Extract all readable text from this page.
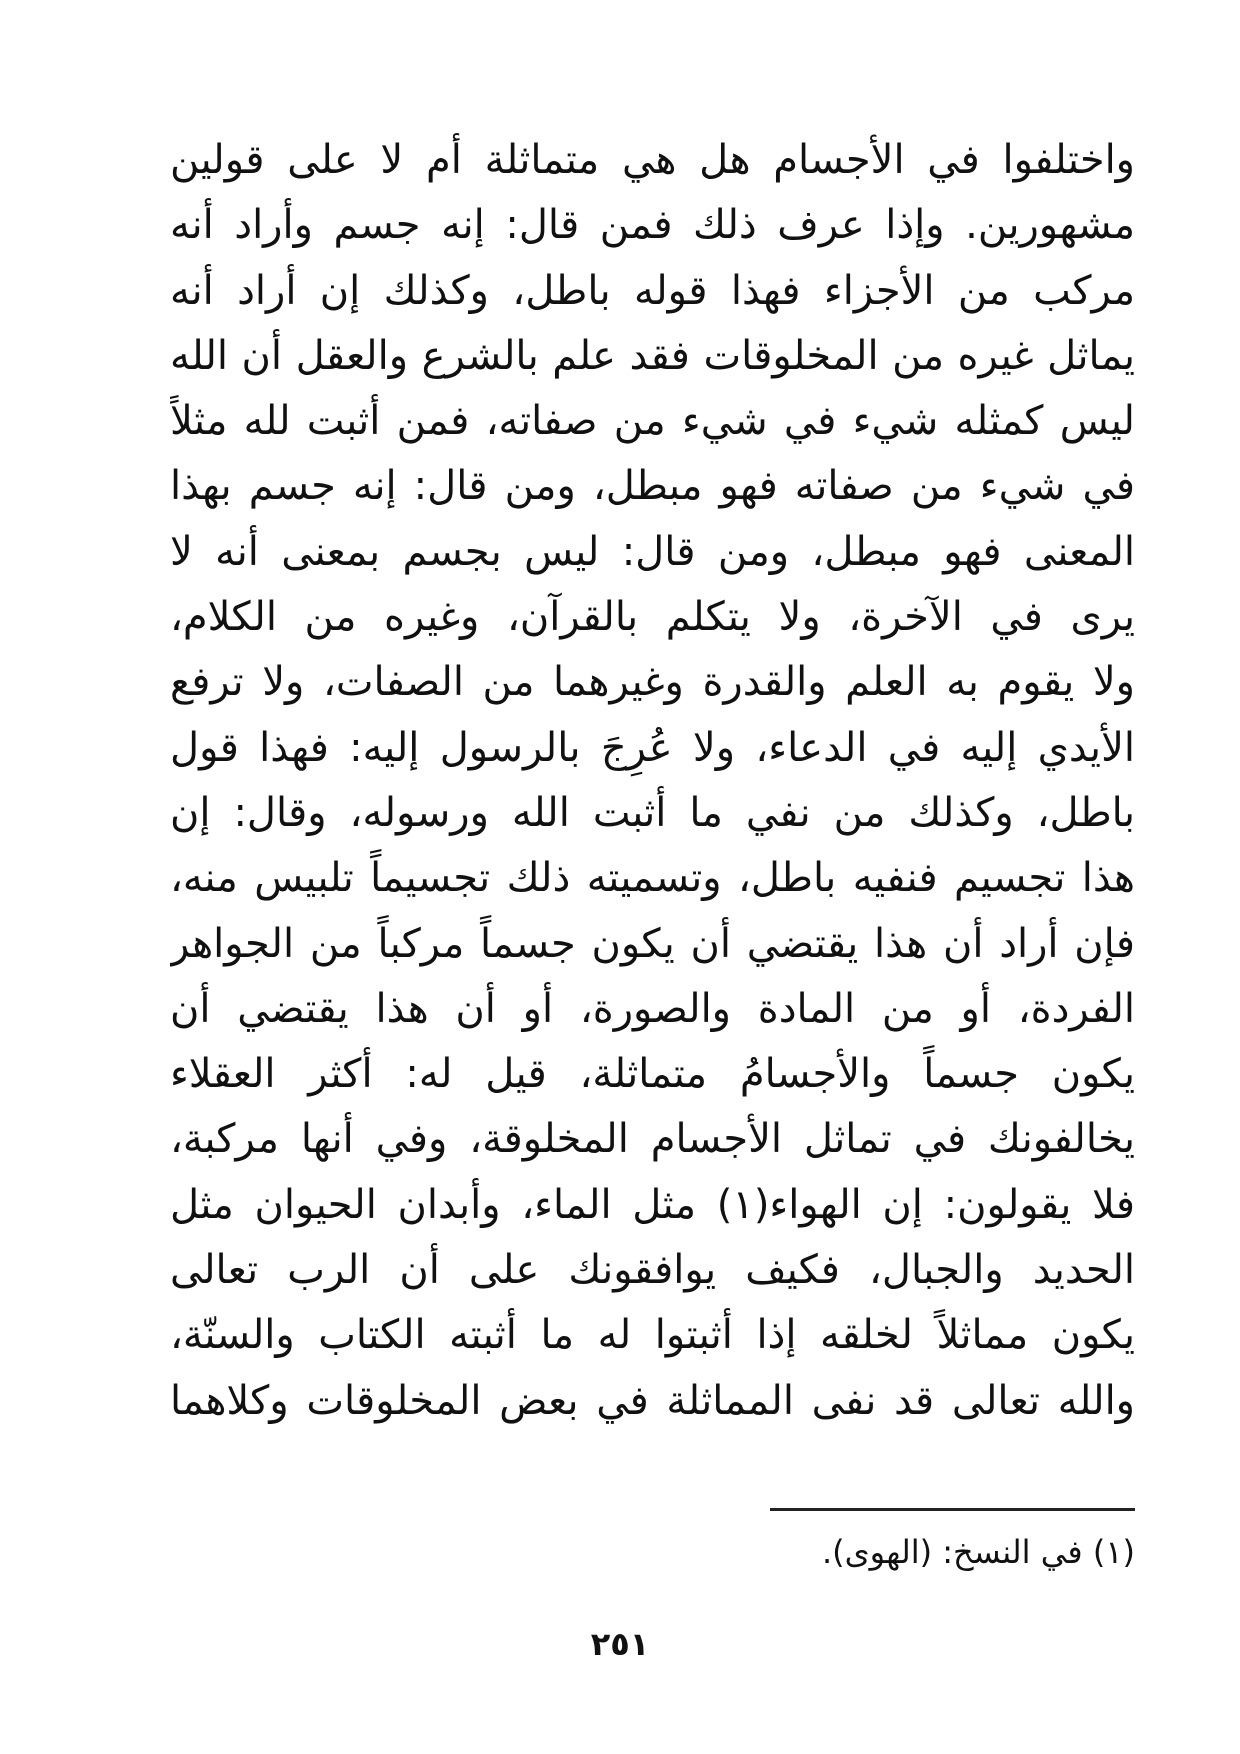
واختلفوا في الأجسام هل هي متماثلة أم لا على قولين
مشهورين. وإذا عرف ذلك فمن قال: إنه جسم وأراد أنه
مركب من الأجزاء فهذا قوله باطل، وكذلك إن أراد أنه
يماثل غيره من المخلوقات فقد علم بالشرع والعقل أن الله
ليس كمثله شيء في شيء من صفاته، فمن أثبت لله مثلاً
في شيء من صفاته فهو مبطل، ومن قال: إنه جسم بهذا
المعنى فهو مبطل، ومن قال: ليس بجسم بمعنى أنه لا
يرى في الآخرة، ولا يتكلم بالقرآن، وغيره من الكلام،
ولا يقوم به العلم والقدرة وغيرهما من الصفات، ولا ترفع
الأيدي إليه في الدعاء، ولا عُرِجَ بالرسول إليه: فهذا قول
باطل، وكذلك من نفي ما أثبت الله ورسوله، وقال: إن
هذا تجسيم فنفيه باطل، وتسميته ذلك تجسيماً تلبيس منه،
فإن أراد أن هذا يقتضي أن يكون جسماً مركباً من الجواهر
الفردة، أو من المادة والصورة، أو أن هذا يقتضي أن
يكون جسماً والأجسامُ متماثلة، قيل له: أكثر العقلاء
يخالفونك في تماثل الأجسام المخلوقة، وفي أنها مركبة،
فلا يقولون: إن الهواء(١) مثل الماء، وأبدان الحيوان مثل
الحديد والجبال، فكيف يوافقونك على أن الرب تعالى
يكون مماثلاً لخلقه إذا أثبتوا له ما أثبته الكتاب والسنّة،
والله تعالى قد نفى المماثلة في بعض المخلوقات وكلاهما
(١) في النسخ: (الهوى).
٢٥١
